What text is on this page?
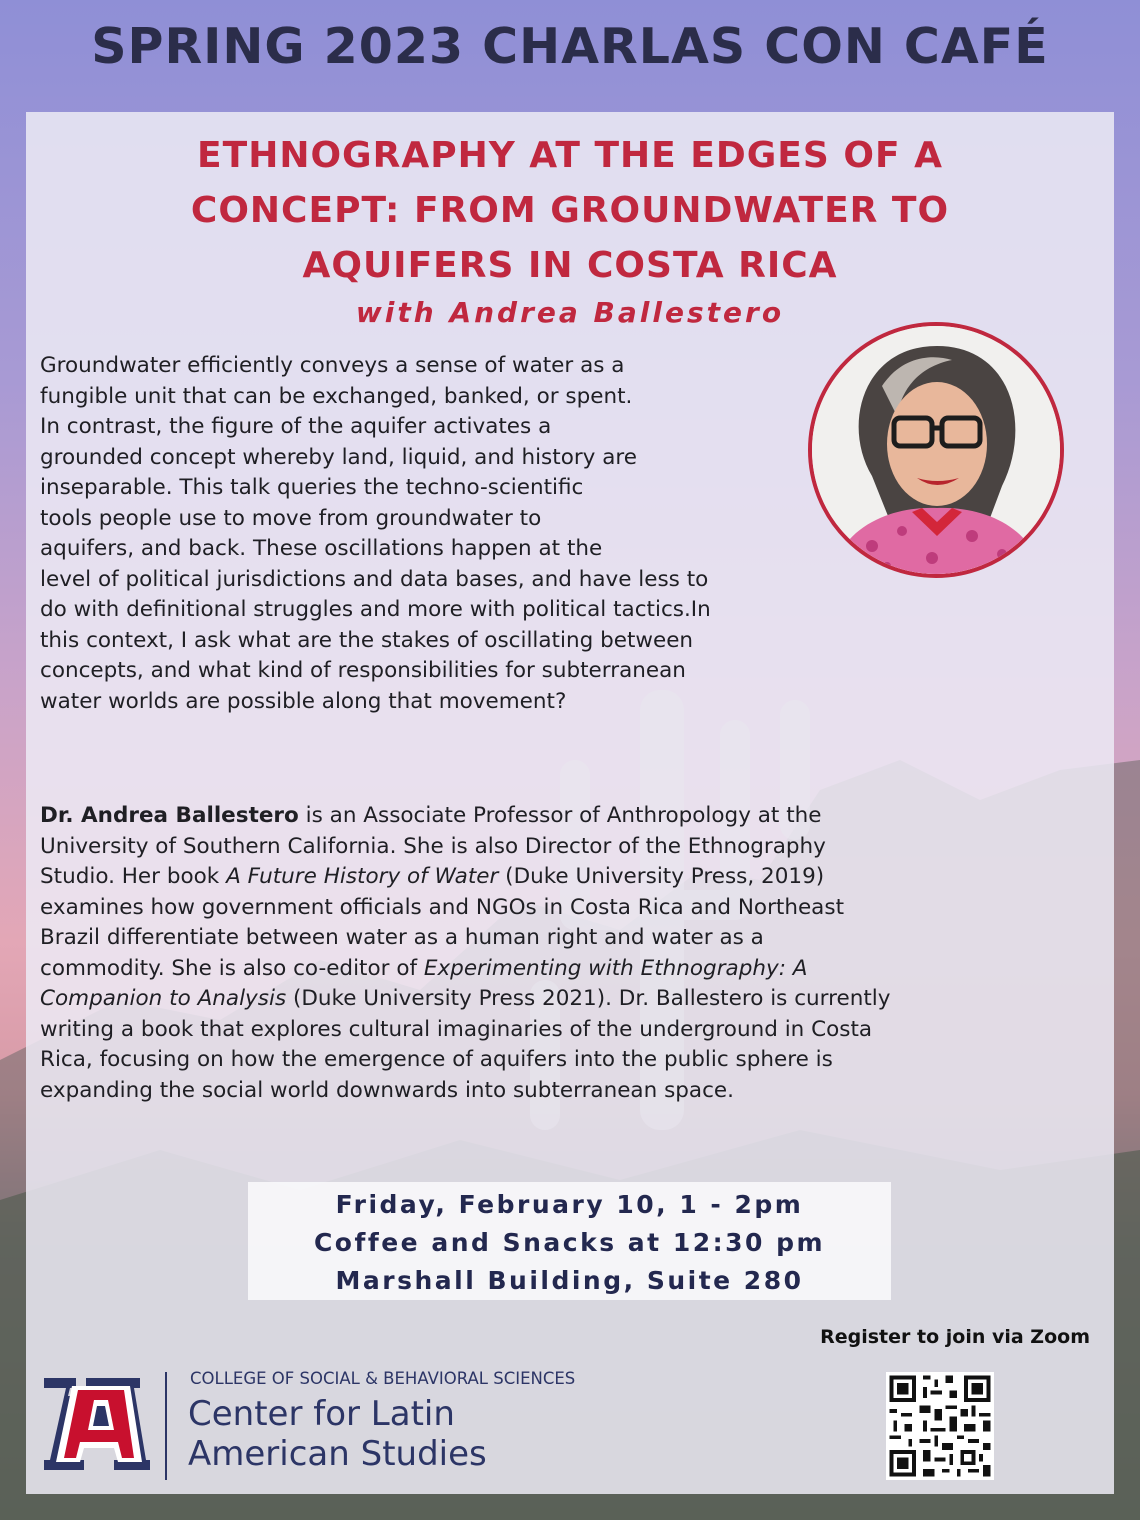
SPRING 2023 CHARLAS CON CAFÉ
ETHNOGRAPHY AT THE EDGES OF A
CONCEPT: FROM GROUNDWATER TO
AQUIFERS IN COSTA RICA
with Andrea Ballestero
Groundwater efficiently conveys a sense of water as a
fungible unit that can be exchanged, banked, or spent.
In contrast, the figure of the aquifer activates a
grounded concept whereby land, liquid, and history are
inseparable. This talk queries the techno-scientific
tools people use to move from groundwater to
aquifers, and back. These oscillations happen at the
level of political jurisdictions and data bases, and have less to
do with definitional struggles and more with political tactics.In
this context, I ask what are the stakes of oscillating between
concepts, and what kind of responsibilities for subterranean
water worlds are possible along that movement?
Dr. Andrea Ballestero is an Associate Professor of Anthropology at the
University of Southern California. She is also Director of the Ethnography
Studio. Her book A Future History of Water (Duke University Press, 2019)
examines how government officials and NGOs in Costa Rica and Northeast
Brazil differentiate between water as a human right and water as a
commodity. She is also co-editor of Experimenting with Ethnography: A
Companion to Analysis (Duke University Press 2021). Dr. Ballestero is currently
writing a book that explores cultural imaginaries of the underground in Costa
Rica, focusing on how the emergence of aquifers into the public sphere is
expanding the social world downwards into subterranean space.
Friday, February 10, 1 - 2pm
Coffee and Snacks at 12:30 pm
Marshall Building, Suite 280
Register to join via Zoom
COLLEGE OF SOCIAL & BEHAVIORAL SCIENCES
Center for Latin
American Studies
